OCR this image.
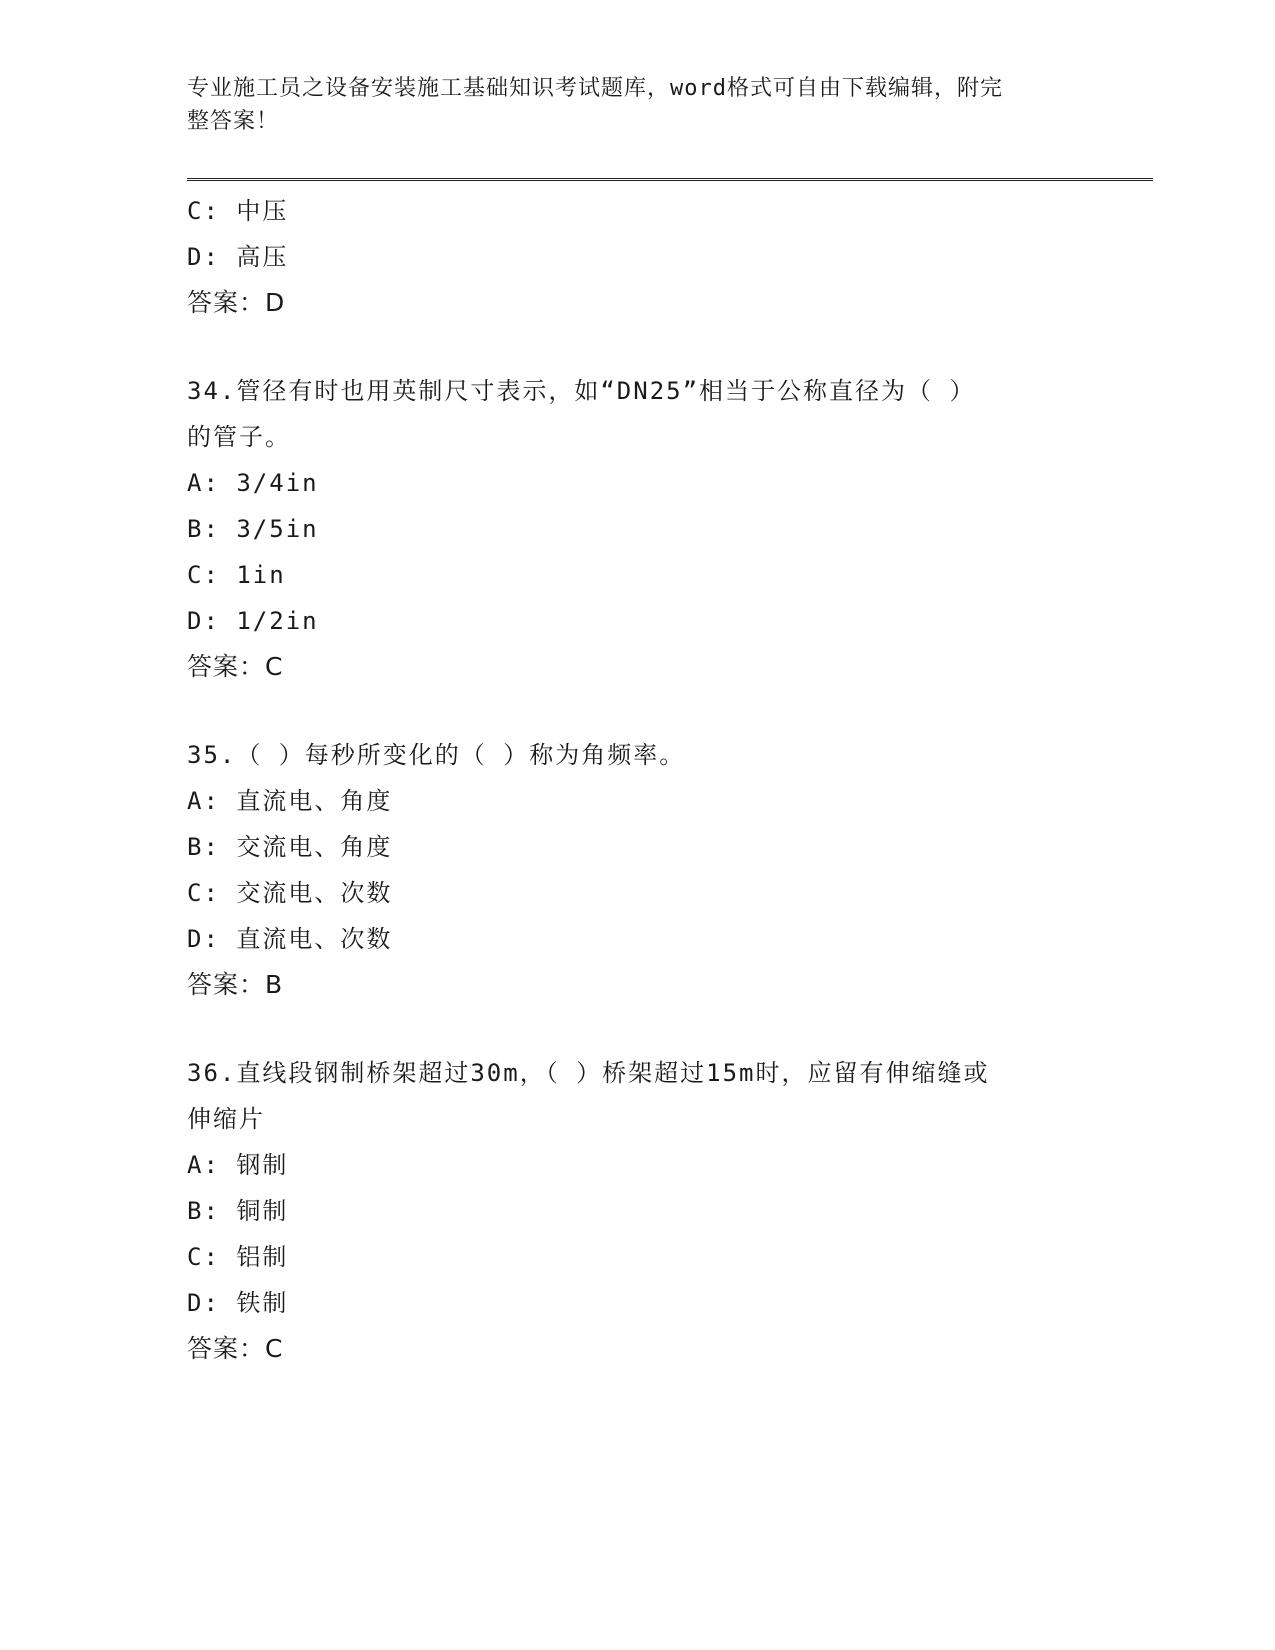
专业施工员之设备安装施工基础知识考试题库，word格式可自由下载编辑，附完
整答案！
C: 中压
D: 高压
答案：D
34.管径有时也用英制尺寸表示，如“DN25”相当于公称直径为（ ）
的管子。
A: 3/4in
B: 3/5in
C: 1in
D: 1/2in
答案：C
35.（ ）每秒所变化的（ ）称为角频率。
A: 直流电、角度
B: 交流电、角度
C: 交流电、次数
D: 直流电、次数
答案：B
36.直线段钢制桥架超过30m，（ ）桥架超过15m时，应留有伸缩缝或
伸缩片
A: 钢制
B: 铜制
C: 铝制
D: 铁制
答案：C
